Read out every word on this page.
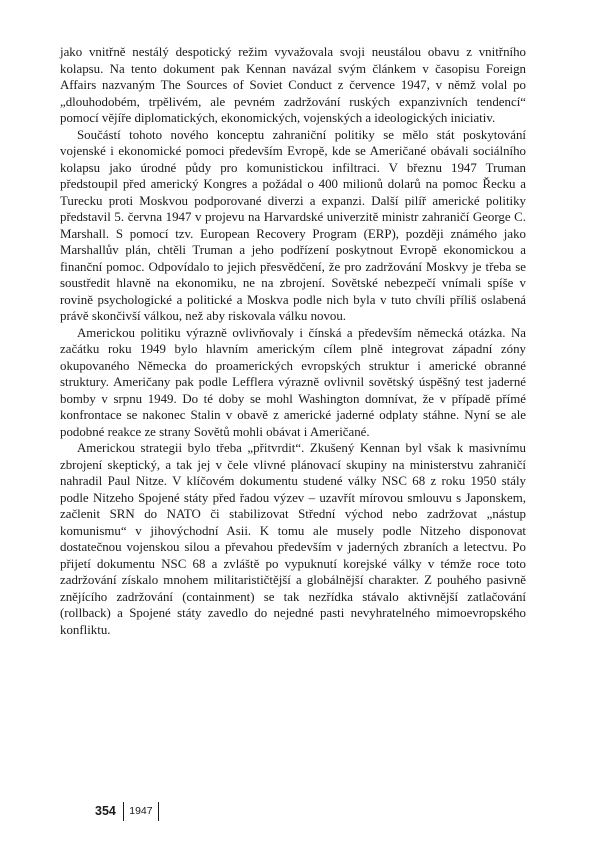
jako vnitřně nestálý despotický režim vyvažovala svoji neustálou obavu z vnitřního kolapsu. Na tento dokument pak Kennan navázal svým článkem v časopisu Foreign Affairs nazvaným The Sources of Soviet Conduct z července 1947, v němž volal po „dlouhodobém, trpělivém, ale pevném zadržování ruských expanzivních tendencí“ pomocí vějíře diplomatických, ekonomických, vojenských a ideologických iniciativ.

Součástí tohoto nového konceptu zahraniční politiky se mělo stát poskytování vojenské i ekonomické pomoci především Evropě, kde se Američané obávali sociálního kolapsu jako úrodné půdy pro komunistickou infiltraci. V březnu 1947 Truman předstoupil před americký Kongres a požádal o 400 milionů dolarů na pomoc Řecku a Turecku proti Moskvou podporované diverzi a expanzi. Další pilíř americké politiky představil 5. června 1947 v projevu na Harvardské univerzitě ministr zahraničí George C. Marshall. S pomocí tzv. European Recovery Program (ERP), později známého jako Marshallův plán, chtěli Truman a jeho podřízení poskytnout Evropě ekonomickou a finanční pomoc. Odpovídalo to jejich přesvědčení, že pro zadržování Moskvy je třeba se soustředit hlavně na ekonomiku, ne na zbrojení. Sovětské nebezpečí vnímali spíše v rovině psychologické a politické a Moskva podle nich byla v tuto chvíli příliš oslabená právě skončivší válkou, než aby riskovala válku novou.

Americkou politiku výrazně ovlivňovaly i čínská a především německá otázka. Na začátku roku 1949 bylo hlavním americkým cílem plně integrovat západní zóny okupovaného Německa do proamerických evropských struktur i americké obranné struktury. Američany pak podle Lefflera výrazně ovlivnil sovětský úspěšný test jaderné bomby v srpnu 1949. Do té doby se mohl Washington domnívat, že v případě přímé konfrontace se nakonec Stalin v obavě z americké jaderné odplaty stáhne. Nyní se ale podobné reakce ze strany Sovětů mohli obávat i Američané.

Americkou strategii bylo třeba „přitvrdit“. Zkušený Kennan byl však k masivnímu zbrojení skeptický, a tak jej v čele vlivné plánovací skupiny na ministerstvu zahraničí nahradil Paul Nitze. V klíčovém dokumentu studené války NSC 68 z roku 1950 stály podle Nitzeho Spojené státy před řadou výzev – uzavřít mírovou smlouvu s Japonskem, začlenit SRN do NATO či stabilizovat Střední východ nebo zadržovat „nástup komunismu“ v jihovýchodní Asii. K tomu ale musely podle Nitzeho disponovat dostatečnou vojenskou silou a převahou především v jaderných zbraních a letectvu. Po přijetí dokumentu NSC 68 a zvláště po vypuknutí korejské války v témže roce toto zadržování získalo mnohem militarističtější a globálnější charakter. Z pouhého pasivně znějícího zadržování (containment) se tak nezřídka stávalo aktivnější zatlačování (rollback) a Spojené státy zavedlo do nejedné pasti nevyhratelného mimoevropského konfliktu.

354 1947
